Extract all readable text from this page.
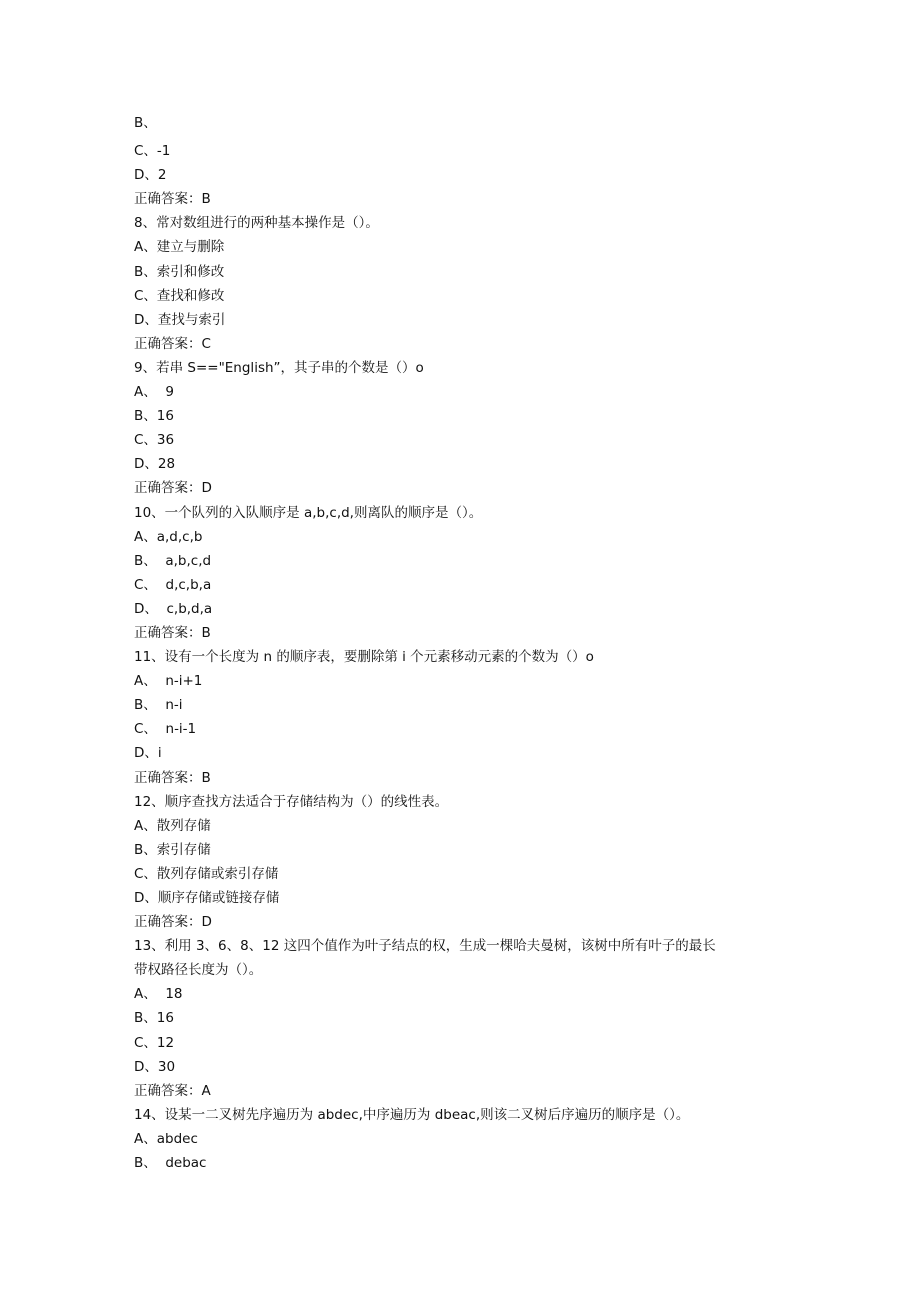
B、
C、-1
D、2
正确答案：B
8、常对数组进行的两种基本操作是（）。
A、建立与删除
B、索引和修改
C、查找和修改
D、查找与索引
正确答案：C
9、若串 S=="English”，其子串的个数是（）o
A、  9
B、16
C、36
D、28
正确答案：D
10、一个队列的入队顺序是 a,b,c,d,则离队的顺序是（）。
A、a,d,c,b
B、  a,b,c,d
C、  d,c,b,a
D、  c,b,d,a
正确答案：B
11、设有一个长度为 n 的顺序表，要删除第 i 个元素移动元素的个数为（）o
A、  n-i+1
B、  n-i
C、  n-i-1
D、i
正确答案：B
12、顺序查找方法适合于存储结构为（）的线性表。
A、散列存储
B、索引存储
C、散列存储或索引存储
D、顺序存储或链接存储
正确答案：D
13、利用 3、6、8、12 这四个值作为叶子结点的权，生成一棵哈夫曼树，该树中所有叶子的最长
带权路径长度为（）。
A、  18
B、16
C、12
D、30
正确答案：A
14、设某一二叉树先序遍历为 abdec,中序遍历为 dbeac,则该二叉树后序遍历的顺序是（）。
A、abdec
B、  debac
